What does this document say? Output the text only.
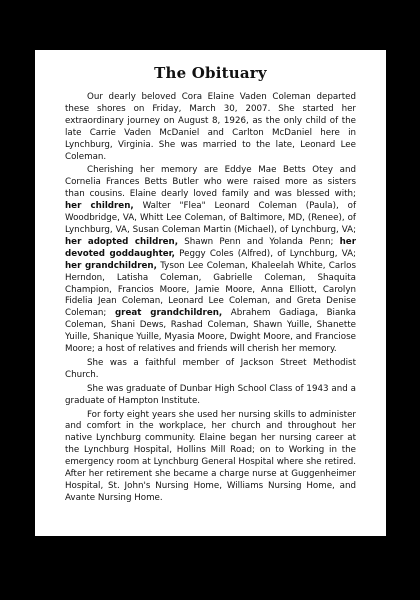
The Obituary

Our dearly beloved Cora Elaine Vaden Coleman departed these shores on Friday, March 30, 2007. She started her extraordinary journey on August 8, 1926, as the only child of the late Carrie Vaden McDaniel and Carlton McDaniel here in Lynchburg, Virginia. She was married to the late, Leonard Lee Coleman.

Cherishing her memory are Eddye Mae Betts Otey and Cornelia Frances Betts Butler who were raised more as sisters than cousins. Elaine dearly loved family and was blessed with; her children, Walter "Flea" Leonard Coleman (Paula), of Woodbridge, VA, Whitt Lee Coleman, of Baltimore, MD, (Renee), of Lynchburg, VA, Susan Coleman Martin (Michael), of Lynchburg, VA; her adopted children, Shawn Penn and Yolanda Penn; her devoted goddaughter, Peggy Coles (Alfred), of Lynchburg, VA; her grandchildren, Tyson Lee Coleman, Khaleelah White, Carlos Herndon, Latisha Coleman, Gabrielle Coleman, Shaquita Champion, Francios Moore, Jamie Moore, Anna Elliott, Carolyn Fidelia Jean Coleman, Leonard Lee Coleman, and Greta Denise Coleman; great grandchildren, Abrahem Gadiaga, Bianka Coleman, Shani Dews, Rashad Coleman, Shawn Yuille, Shanette Yuille, Shanique Yuille, Myasia Moore, Dwight Moore, and Franciose Moore; a host of relatives and friends will cherish her memory.

She was a faithful member of Jackson Street Methodist Church.

She was graduate of Dunbar High School Class of 1943 and a graduate of Hampton Institute.

For forty eight years she used her nursing skills to administer and comfort in the workplace, her church and throughout her native Lynchburg community. Elaine began her nursing career at the Lynchburg Hospital, Hollins Mill Road; on to Working in the emergency room at Lynchburg General Hospital where she retired. After her retirement she became a charge nurse at Guggenheimer Hospital, St. John's Nursing Home, Williams Nursing Home, and Avante Nursing Home.
